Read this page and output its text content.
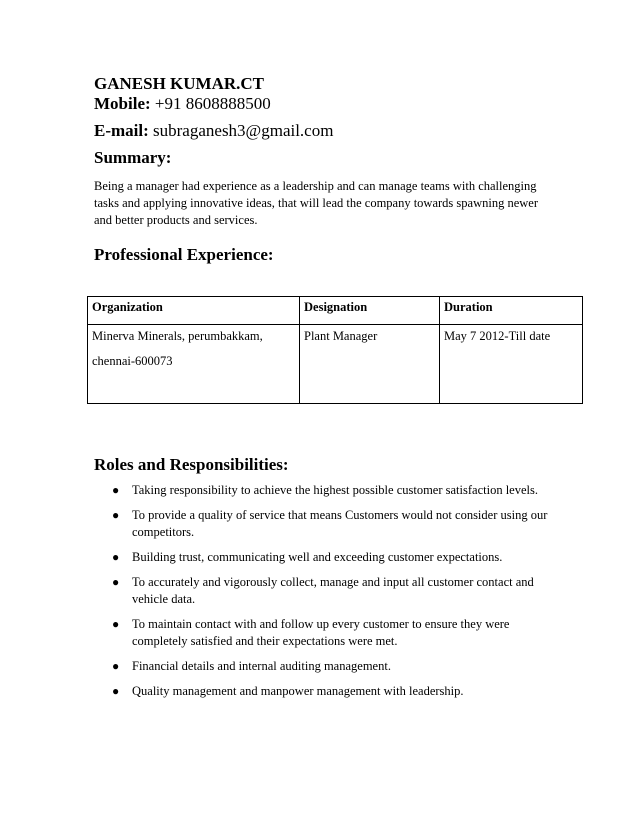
GANESH KUMAR.CT
Mobile: +91 8608888500
E-mail: subraganesh3@gmail.com
Summary:

Being a manager had experience as a leadership and can manage teams with challenging tasks and applying innovative ideas, that will lead the company towards spawning newer and better products and services.

Professional Experience:
Organization	Designation	Duration
Minerva Minerals, perumbakkam,
chennai-600073	Plant Manager	May 7 2012-Till date
Roles and Responsibilities:
● Taking responsibility to achieve the highest possible customer satisfaction levels.
● To provide a quality of service that means Customers would not consider using our competitors.
● Building trust, communicating well and exceeding customer expectations.
● To accurately and vigorously collect, manage and input all customer contact and vehicle data.
● To maintain contact with and follow up every customer to ensure they were completely satisfied and their expectations were met.
● Financial details and internal auditing management.
● Quality management and manpower management with leadership.
